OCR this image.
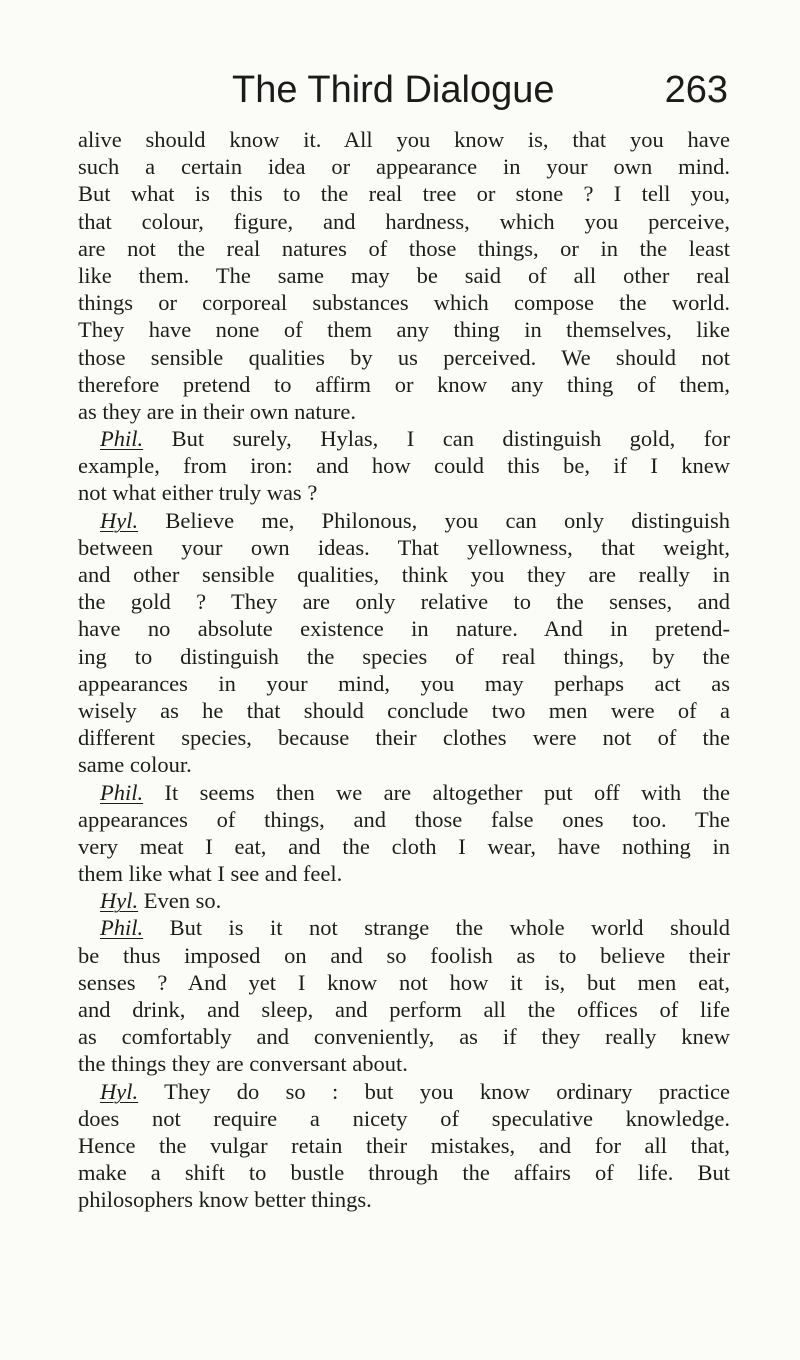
The Third Dialogue	263
alive should know it. All you know is, that you have
such a certain idea or appearance in your own mind.
But what is this to the real tree or stone ? I tell you,
that colour, figure, and hardness, which you perceive,
are not the real natures of those things, or in the least
like them. The same may be said of all other real
things or corporeal substances which compose the world.
They have none of them any thing in themselves, like
those sensible qualities by us perceived. We should not
therefore pretend to affirm or know any thing of them,
as they are in their own nature.
Phil. But surely, Hylas, I can distinguish gold, for
example, from iron: and how could this be, if I knew
not what either truly was ?
Hyl. Believe me, Philonous, you can only distinguish
between your own ideas. That yellowness, that weight,
and other sensible qualities, think you they are really in
the gold ? They are only relative to the senses, and
have no absolute existence in nature. And in pretend-
ing to distinguish the species of real things, by the
appearances in your mind, you may perhaps act as
wisely as he that should conclude two men were of a
different species, because their clothes were not of the
same colour.
Phil. It seems then we are altogether put off with the
appearances of things, and those false ones too. The
very meat I eat, and the cloth I wear, have nothing in
them like what I see and feel.
Hyl. Even so.
Phil. But is it not strange the whole world should
be thus imposed on and so foolish as to believe their
senses ? And yet I know not how it is, but men eat,
and drink, and sleep, and perform all the offices of life
as comfortably and conveniently, as if they really knew
the things they are conversant about.
Hyl. They do so : but you know ordinary practice
does not require a nicety of speculative knowledge.
Hence the vulgar retain their mistakes, and for all that,
make a shift to bustle through the affairs of life. But
philosophers know better things.
